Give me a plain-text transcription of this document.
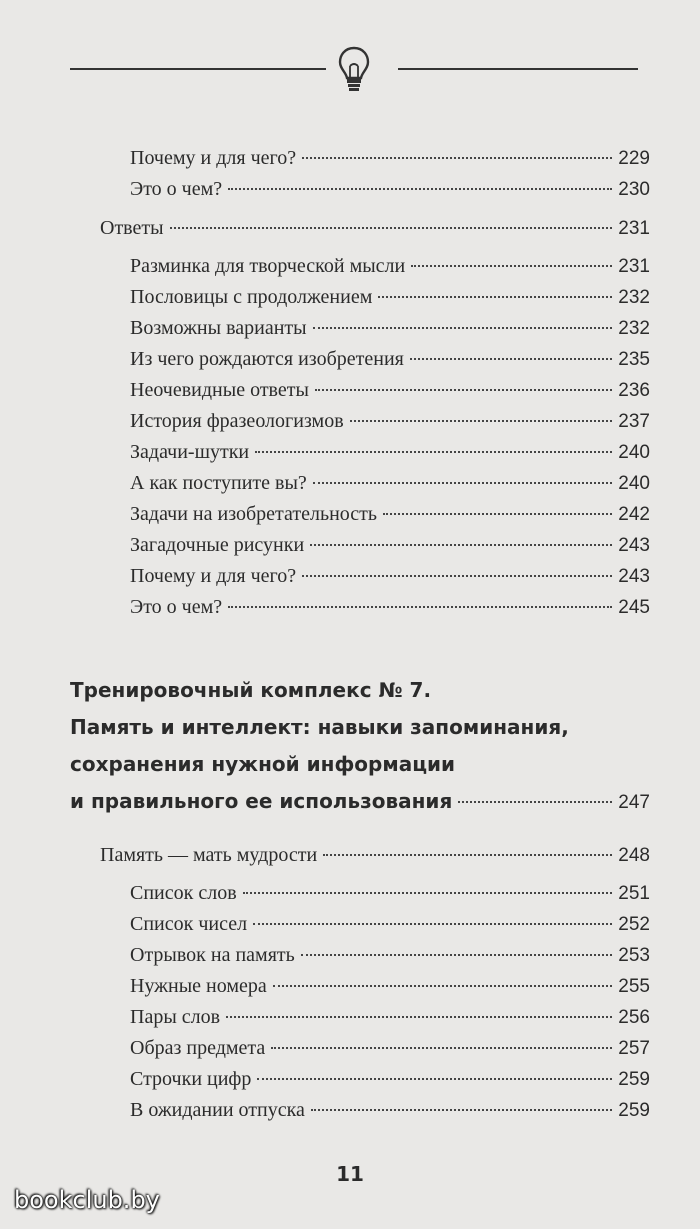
Почему и для чего?	229
Это о чем?	230
Ответы	231
Разминка для творческой мысли	231
Пословицы с продолжением	232
Возможны варианты	232
Из чего рождаются изобретения	235
Неочевидные ответы	236
История фразеологизмов	237
Задачи-шутки	240
А как поступите вы?	240
Задачи на изобретательность	242
Загадочные рисунки	243
Почему и для чего?	243
Это о чем?	245
Тренировочный комплекс № 7.
Память и интеллект: навыки запоминания,
сохранения нужной информации
и правильного ее использования	247
Память — мать мудрости	248
Список слов	251
Список чисел	252
Отрывок на память	253
Нужные номера	255
Пары слов	256
Образ предмета	257
Строчки цифр	259
В ожидании отпуска	259
11
bookclub.by
